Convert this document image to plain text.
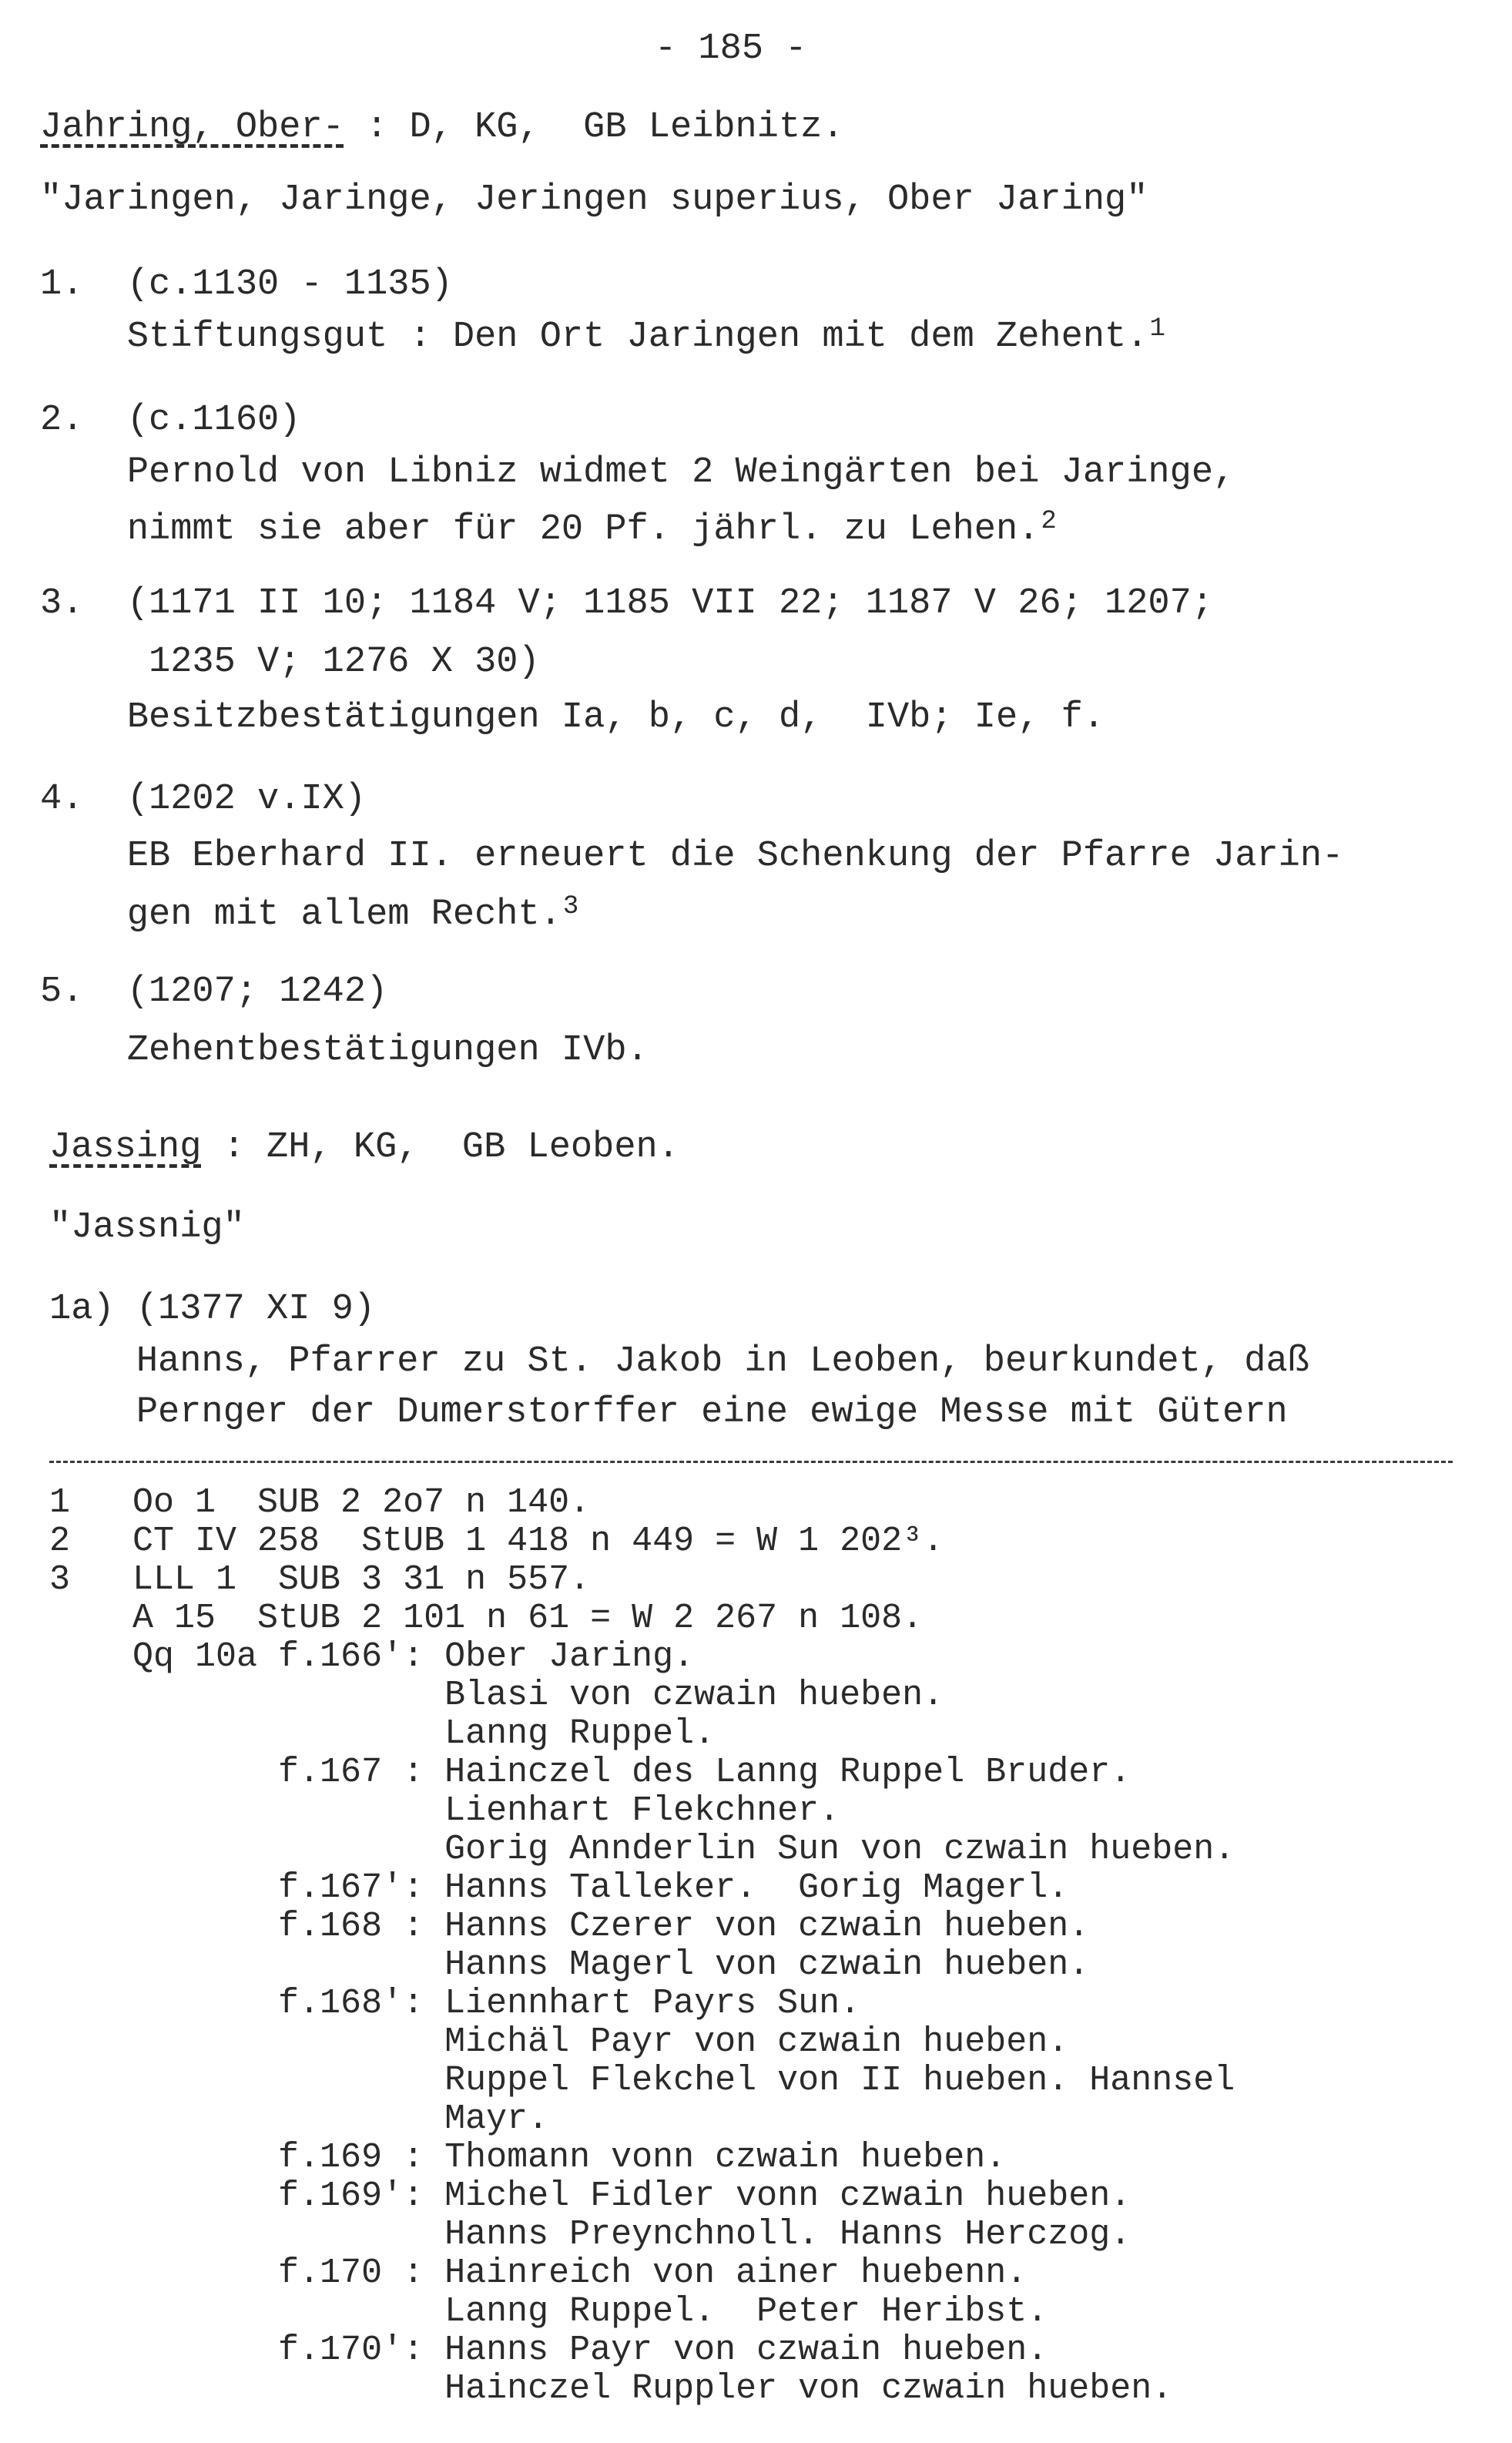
- 185 -
Jahring, Ober- : D, KG,  GB Leibnitz.
"Jaringen, Jaringe, Jeringen superius, Ober Jaring"
1.  (c.1130 - 1135)
Stiftungsgut : Den Ort Jaringen mit dem Zehent.$^1$
2.  (c.1160)
Pernold von Libniz widmet 2 Weingärten bei Jaringe,
nimmt sie aber für 20 Pf. jährl. zu Lehen.$^2$
3.  (1171 II 10; 1184 V; 1185 VII 22; 1187 V 26; 1207;
1235 V; 1276 X 30)
Besitzbestätigungen Ia, b, c, d,  IVb; Ie, f.
4.  (1202 v.IX)
EB Eberhard II. erneuert die Schenkung der Pfarre Jarin-
gen mit allem Recht.$^3$
5.  (1207; 1242)
Zehentbestätigungen IVb.
Jassing : ZH, KG,  GB Leoben.
"Jassnig"
1a) (1377 XI 9)
Hanns, Pfarrer zu St. Jakob in Leoben, beurkundet, daß
Pernger der Dumerstorffer eine ewige Messe mit Gütern
1   Oo 1  SUB 2 2o7 n 140.
2   CT IV 258  StUB 1 418 n 449 = W 1 202³.
3   LLL 1  SUB 3 31 n 557.
A 15  StUB 2 101 n 61 = W 2 267 n 108.
Qq 10a f.166': Ober Jaring.
Blasi von czwain hueben.
Lanng Ruppel.
f.167 : Hainczel des Lanng Ruppel Bruder.
Lienhart Flekchner.
Gorig Annderlin Sun von czwain hueben.
f.167': Hanns Talleker.  Gorig Magerl.
f.168 : Hanns Czerer von czwain hueben.
Hanns Magerl von czwain hueben.
f.168': Liennhart Payrs Sun.
Michäl Payr von czwain hueben.
Ruppel Flekchel von II hueben. Hannsel
Mayr.
f.169 : Thomann vonn czwain hueben.
f.169': Michel Fidler vonn czwain hueben.
Hanns Preynchnoll. Hanns Herczog.
f.170 : Hainreich von ainer huebenn.
Lanng Ruppel.  Peter Heribst.
f.170': Hanns Payr von czwain hueben.
Hainczel Ruppler von czwain hueben.
